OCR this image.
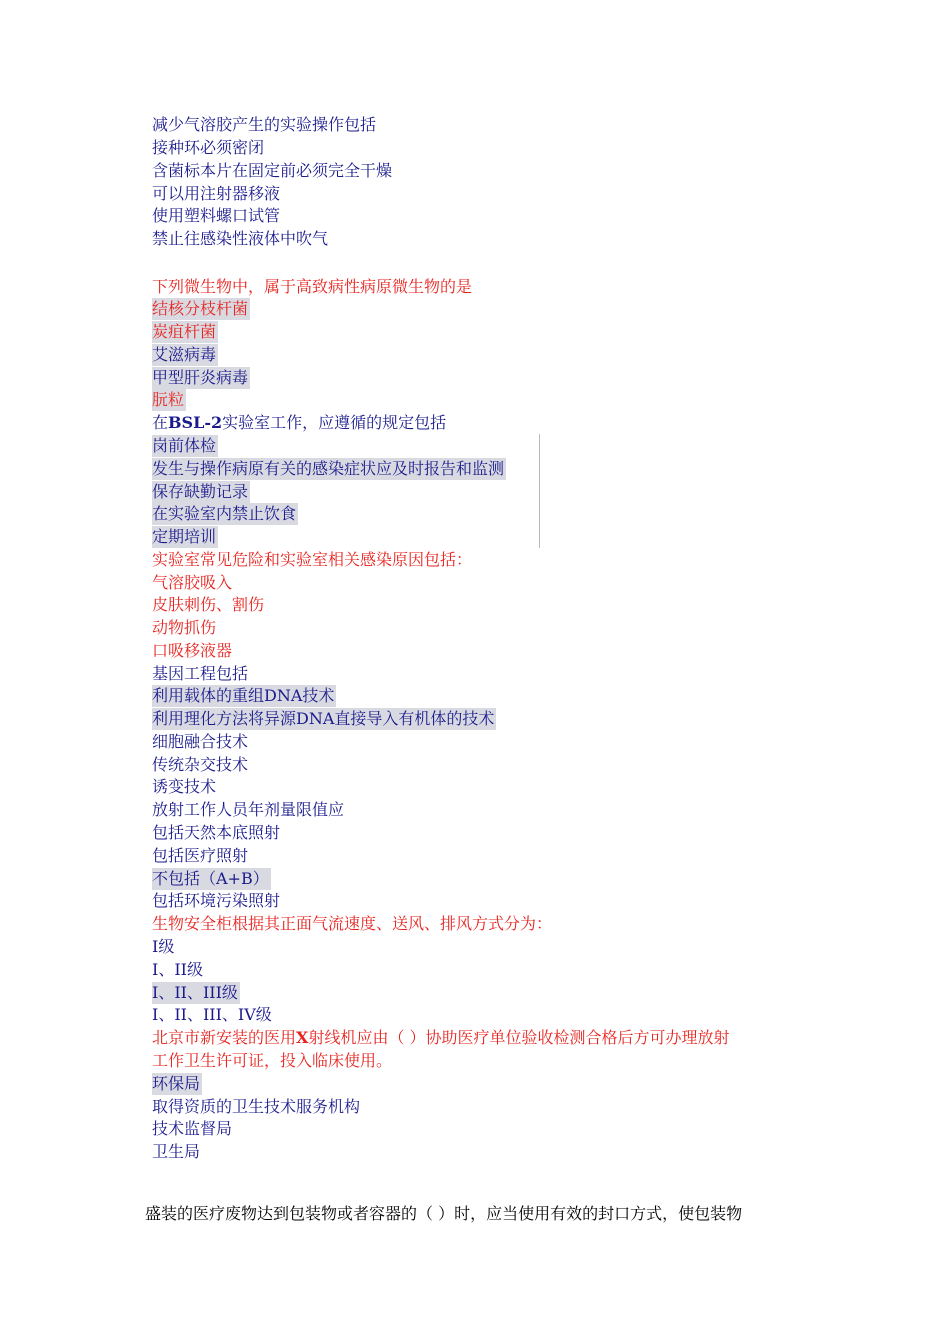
减少气溶胶产生的实验操作包括
接种环必须密闭
含菌标本片在固定前必须完全干燥
可以用注射器移液
使用塑料螺口试管
禁止往感染性液体中吹气
下列微生物中，属于高致病性病原微生物的是
结核分枝杆菌
炭疽杆菌
艾滋病毒
甲型肝炎病毒
朊粒
在BSL-2实验室工作，应遵循的规定包括
岗前体检
发生与操作病原有关的感染症状应及时报告和监测
保存缺勤记录
在实验室内禁止饮食
定期培训
实验室常见危险和实验室相关感染原因包括：
气溶胶吸入
皮肤刺伤、割伤
动物抓伤
口吸移液器
基因工程包括
利用载体的重组DNA技术
利用理化方法将异源DNA直接导入有机体的技术
细胞融合技术
传统杂交技术
诱变技术
放射工作人员年剂量限值应
包括天然本底照射
包括医疗照射
不包括（A+B）
包括环境污染照射
生物安全柜根据其正面气流速度、送风、排风方式分为：
I级
I、II级
I、II、III级
I、II、III、IV级
北京市新安装的医用X射线机应由（ ）协助医疗单位验收检测合格后方可办理放射
工作卫生许可证，投入临床使用。
环保局
取得资质的卫生技术服务机构
技术监督局
卫生局
盛装的医疗废物达到包装物或者容器的（ ）时，应当使用有效的封口方式，使包装物
